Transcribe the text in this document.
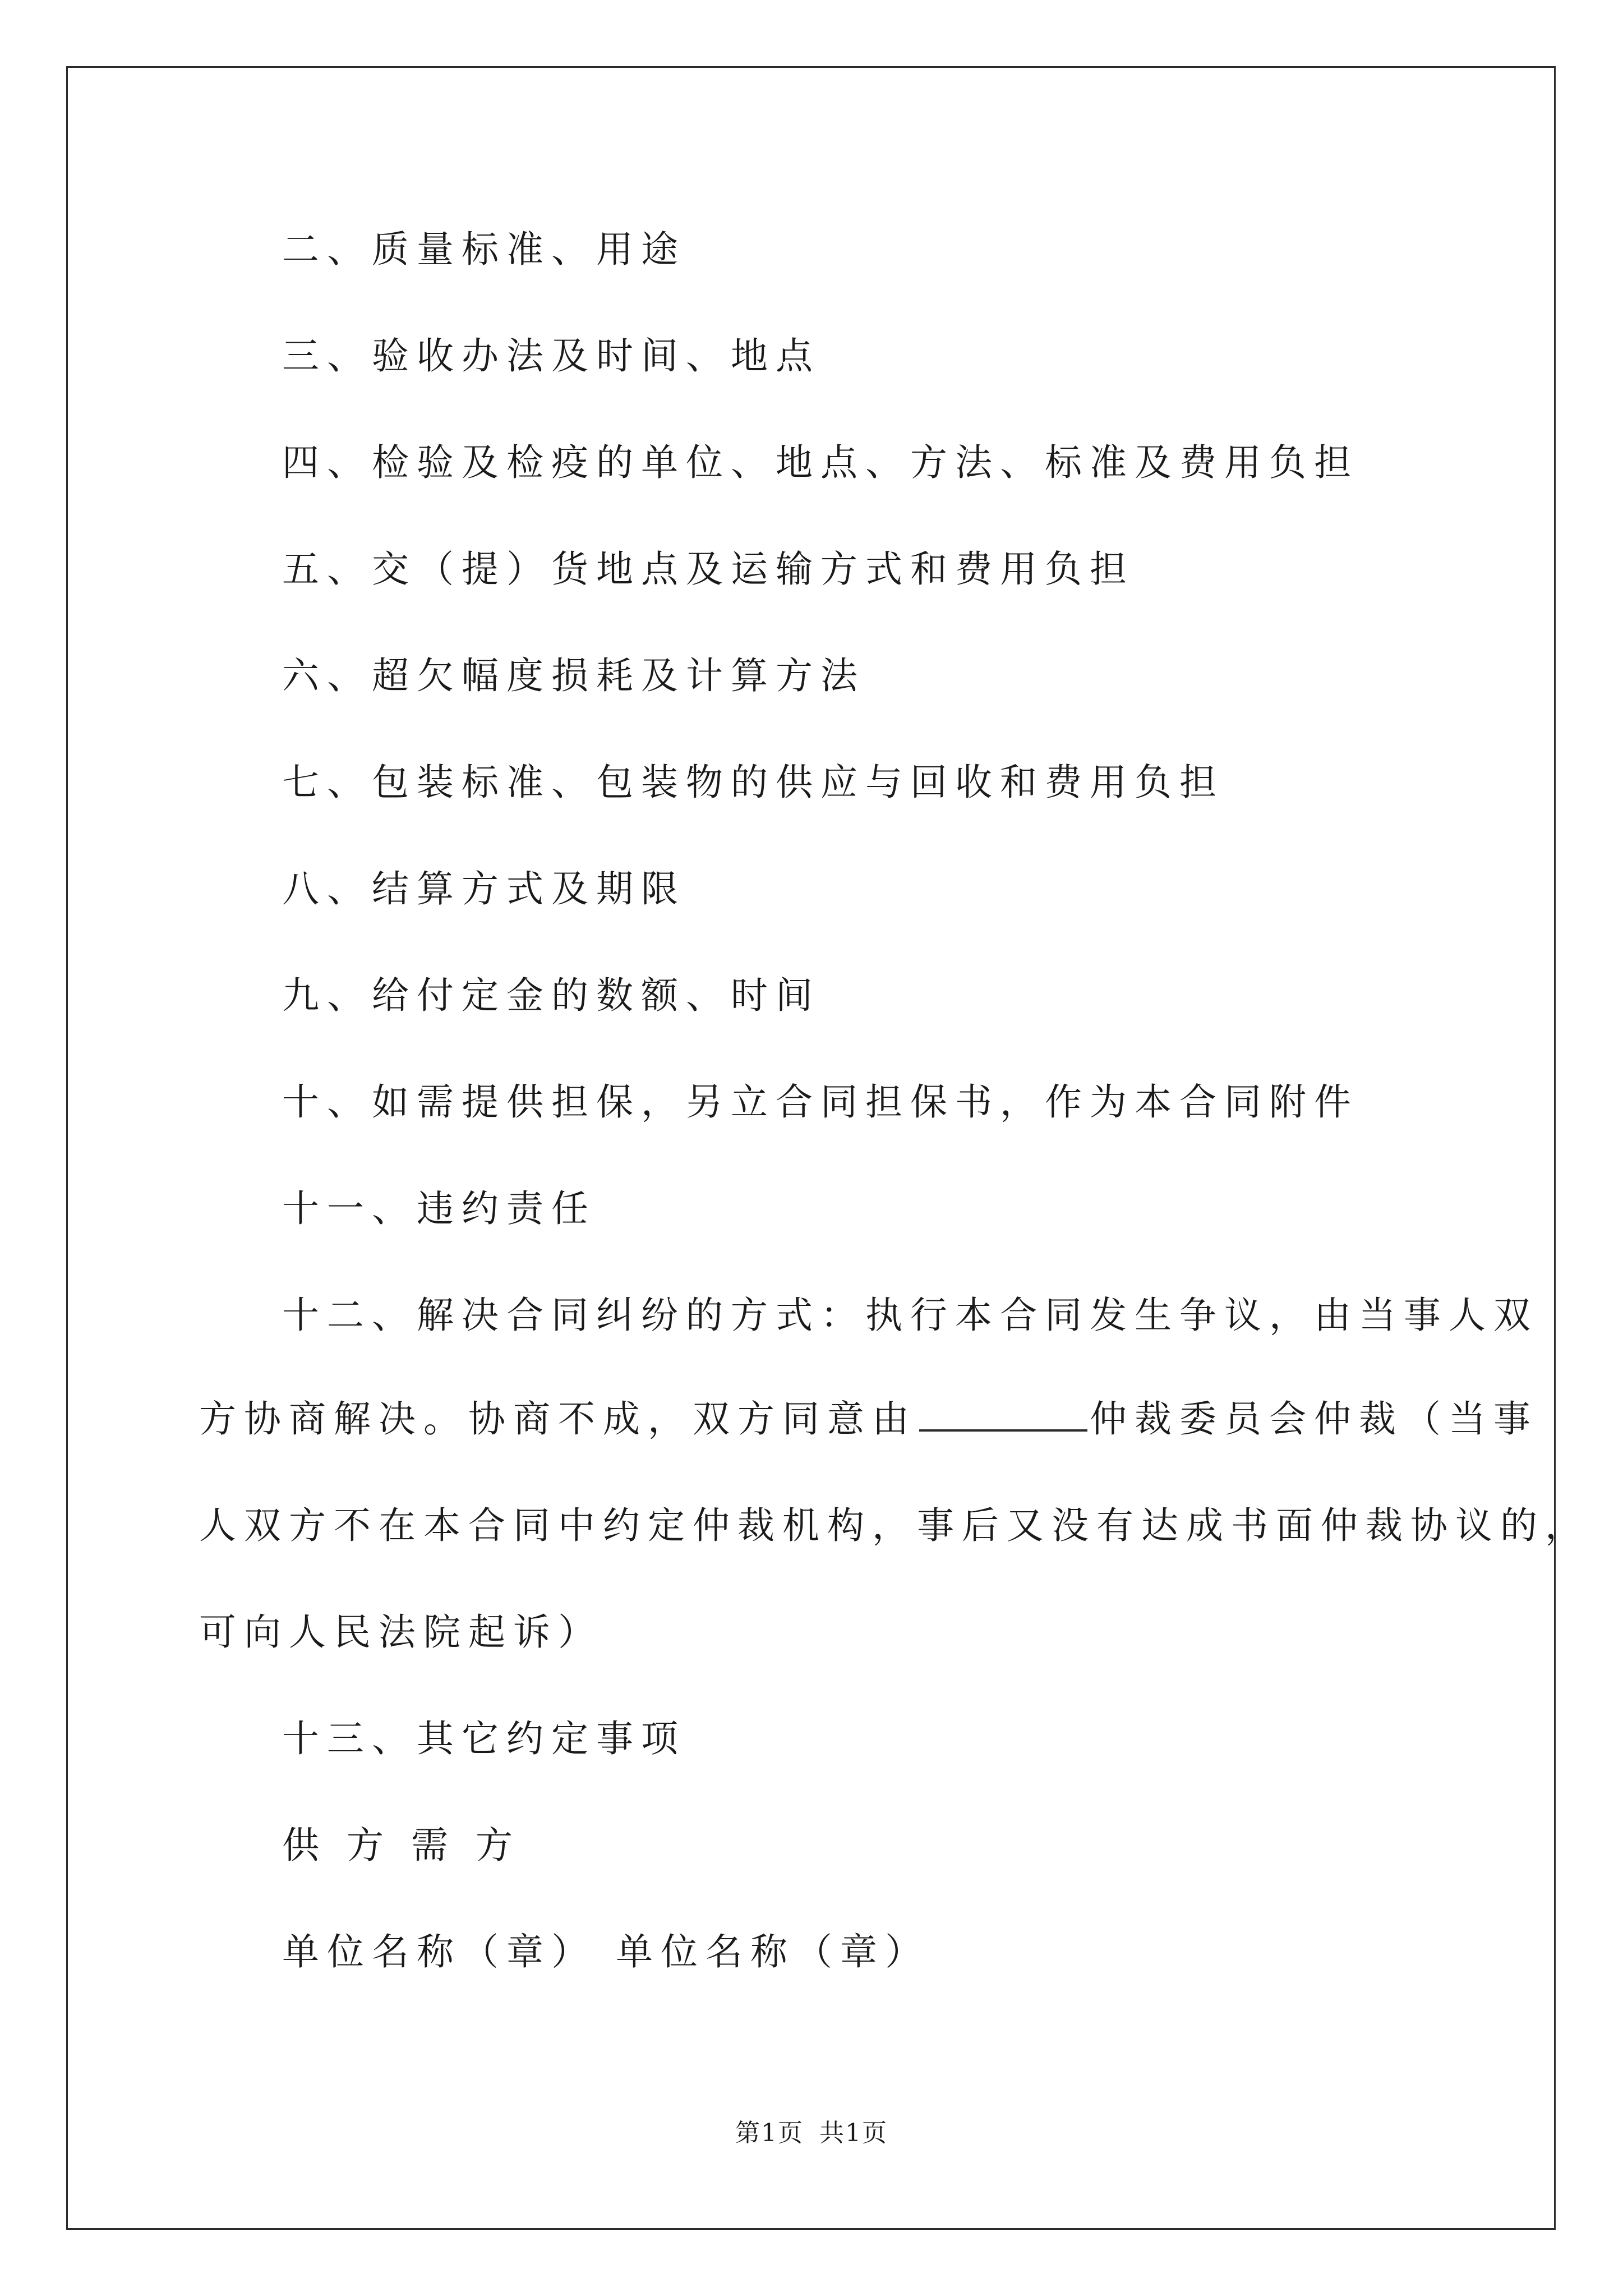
二、质量标准、用途
三、验收办法及时间、地点
四、检验及检疫的单位、地点、方法、标准及费用负担
五、交（提）货地点及运输方式和费用负担
六、超欠幅度损耗及计算方法
七、包装标准、包装物的供应与回收和费用负担
八、结算方式及期限
九、给付定金的数额、时间
十、如需提供担保，另立合同担保书，作为本合同附件
十一、违约责任
十二、解决合同纠纷的方式：执行本合同发生争议，由当事人双
方协商解决。协商不成，双方同意由	仲裁委员会仲裁（当事
人双方不在本合同中约定仲裁机构，事后又没有达成书面仲裁协议的，
可向人民法院起诉）
十三、其它约定事项
供 方 需 方
单位名称（章） 单位名称（章）
第1页 共1页
